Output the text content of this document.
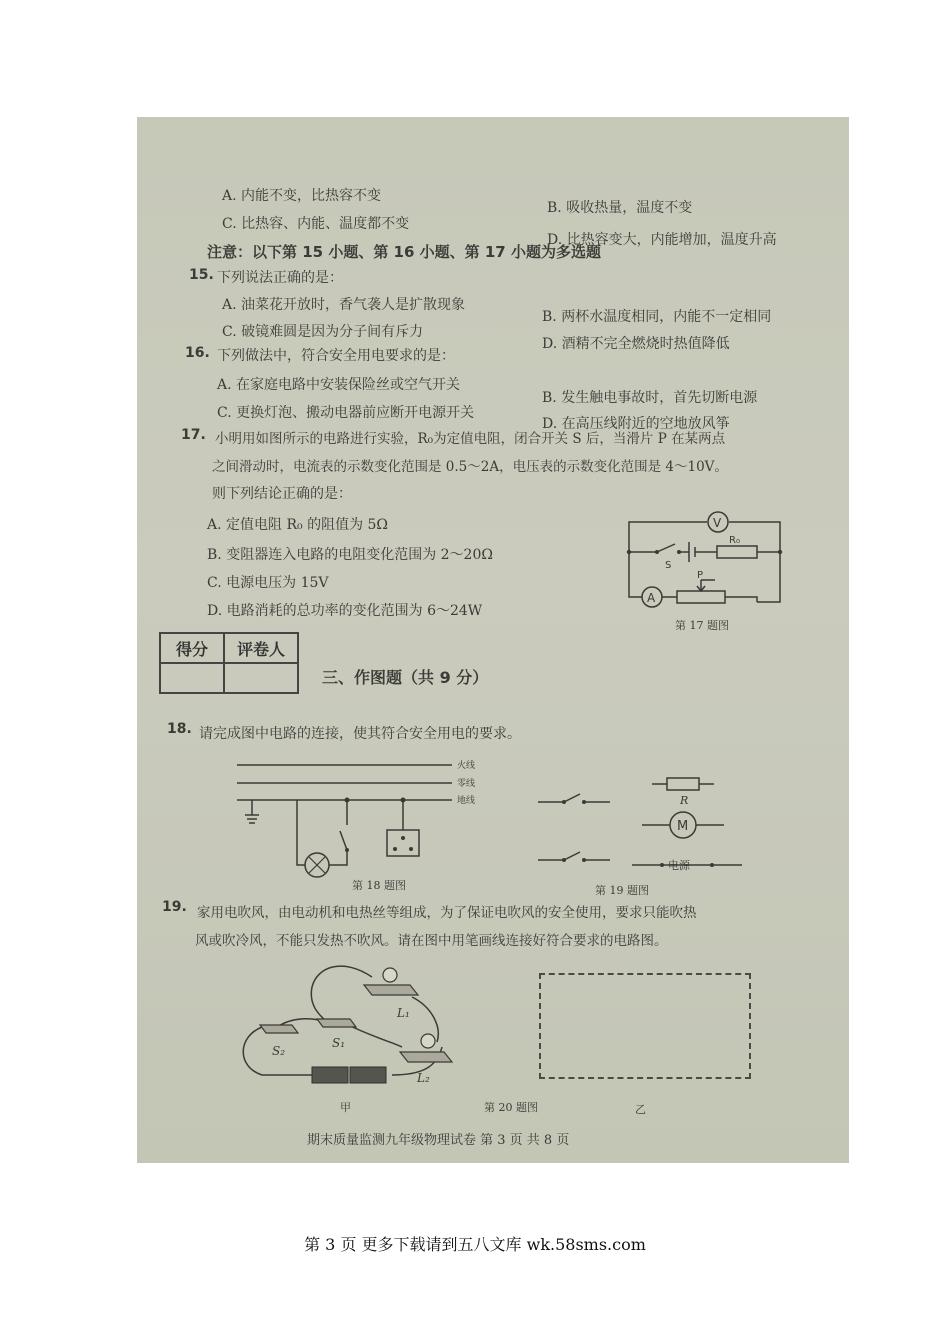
A. 内能不变，比热容不变
B. 吸收热量，温度不变
C. 比热容、内能、温度都不变
D. 比热容变大，内能增加，温度升高
注意：以下第 15 小题、第 16 小题、第 17 小题为多选题
15. 下列说法正确的是：
A. 油菜花开放时，香气袭人是扩散现象
B. 两杯水温度相同，内能不一定相同
C. 破镜难圆是因为分子间有斥力
D. 酒精不完全燃烧时热值降低
16. 下列做法中，符合安全用电要求的是：
A. 在家庭电路中安装保险丝或空气开关
B. 发生触电事故时，首先切断电源
C. 更换灯泡、搬动电器前应断开电源开关
D. 在高压线附近的空地放风筝
17. 小明用如图所示的电路进行实验，R₀为定值电阻，闭合开关 S 后，当滑片 P 在某两点
之间滑动时，电流表的示数变化范围是 0.5～2A，电压表的示数变化范围是 4～10V。
则下列结论正确的是：
A. 定值电阻 R₀ 的阻值为 5Ω
B. 变阻器连入电路的电阻变化范围为 2～20Ω
C. 电源电压为 15V
D. 电路消耗的总功率的变化范围为 6～24W
V
A
S
R₀
P
第 17 题图
得分	评卷人

三、作图题（共 9 分）
18. 请完成图中电路的连接，使其符合安全用电的要求。
火线
零线
地线
第 18 题图
M
R
电源
第 19 题图
19. 家用电吹风，由电动机和电热丝等组成，为了保证电吹风的安全使用，要求只能吹热
风或吹冷风，不能只发热不吹风。请在图中用笔画线连接好符合要求的电路图。
L₁
L₂
S₁
S₂
甲	第 20 题图	乙
期末质量监测九年级物理试卷 第 3 页 共 8 页
第 3 页 更多下载请到五八文库 wk.58sms.com
